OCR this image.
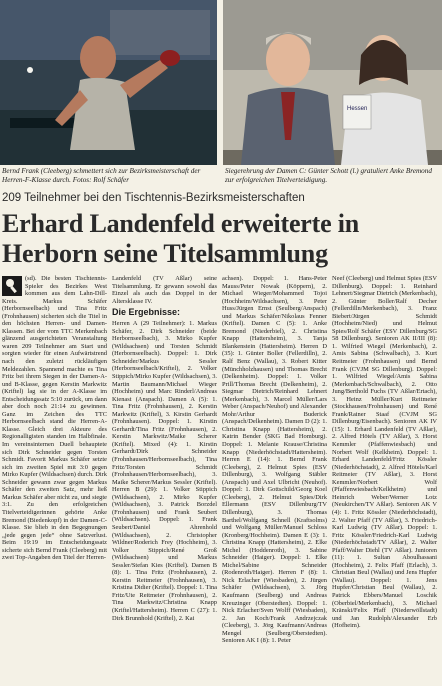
Hessen
Bernd Frank (Cleeberg) schmettert sich zur Bezirksmeisterschaft der Herren-F-Klasse durch. Fotos: Rolf Schäfer
Siegerehrung der Damen C: Günter Schott (l.) gratuliert Anke Bremond zur erfolgreichen Titelverteidigung.
209 Teilnehmer bei den Tischtennis-Bezirksmeisterschaften
Erhard Landenfeld erweiterte in Herborn seine Titelsammlung

(sd). Die besten Tischtennis-Spieler des Bezirkes West kommen aus dem Lahn-Dill-Kreis. Markus Schäfer (Herbornseelbach) und Tina Fritz (Frohnhausen) sicherten sich die Titel in den höchsten Herren- und Damen-Klassen. Bei der vom TTC Merkenbach glänzend ausgerichteten Veranstaltung waren 209 Teilnehmer am Start und sorgten wieder für einen Aufwärtstrend nach den zuletzt rückläufigen Meldezahlen. Spannend machte es Tina Fritz bei ihrem Siegen in der Damen-A- und B-Klasse, gegen Kerstin Markwitz (Kriftel) lag sie in der A-Klasse im Entscheidungssatz 5:10 zurück, um dann aber doch noch 21:14 zu gewinnen. Ganz im Zeichen des TTC Herbornseelbach stand die Herren-A-Klasse. Gleich drei Akteure des Regionalligisten standen im Halbfinale. Im vereinsinternen Duell behauptete sich Dirk Schneider gegen Torsten Schmidt. Favorit Markus Schäfer setzte sich im zweiten Spiel mit 3:0 gegen Mirko Kupfer (Wildsachsen) durch. Dirk Schneider gewann zwar gegen Markus Schäfer den zweiten Satz, mehr ließ Markus Schäfer aber nicht zu, und siegte 3:1. Zu den erfolgreichen Titelverteidigerinnen gehörte Anke Bremond (Biedenkopf) in der Damen-C-Klasse. Sie blieb in den Begegnungen „jede gegen jede“ ohne Satzverlust. Beim 19:19 im Entscheidungssatz sicherte sich Bernd Frank (Cleeberg) mit zwei Top-Angaben den Titel der Herren-

Landenfeld (TV Aßlar) seine Titelsammlung. Er gewann sowohl das Einzel als auch das Doppel in der Altersklasse IV.

Die Ergebnisse:

Herren A (29 Teilnehmer): 1. Markus Schäfer, 2. Dirk Schneider (beide Herbornseelbach), 3. Mirko Kupfer (Wildsachsen) und Torsten Schmidt (Herbornseelbach). Doppel: 1. Dirk Schneider/Markus Sessler (Herbornseelbach/Kriftel), 2. Volker Stippich/Mirko Kupfer (Wildsachsen), 3. Martin Baumann/Michael Wieger (Hochheim) und Marc Rinderl/Andreas Kienast (Anspach). Damen A (5): 1. Tina Fritz (Frohnhausen), 2. Kerstin Markwitz (Kriftel), 3. Kirstin Gerhardt (Frohnhausen). Doppel: 1. Kirstin Gerhardt/Tina Fritz (Frohnhausen), 2. Kerstin Markwitz/Maike Scherer (Kriftel). Mixed (4): 1. Kirstin Gerhardt/Dirk Schneider (Frohnhausen/Herbornseelbach), Tina Fritz/Torsten Schmidt (Frohnhausen/Herbornseelbach), 3. Maike Scherer/Markus Sessler (Kriftel). Herren B (29): 1. Volker Stippich (Wildsachsen), 2. Mirko Kupfer (Wildsachsen), 3. Patrick Borzdel (Frohnhausen) und Frank Seubert (Wildsachsen). Doppel: 1. Frank Seubert/Daniel Ahrenhold (Wildsachsen), 2. Christopher Wildner/Roderich Frey (Hochheim), 3. Volker Stippich/René Groß (Wildsachsen) und Markus Sessler/Stefan Kies (Kriftel). Damen B (8): 1. Tina Fritz (Frohnhausen), 2. Kerstin Reitmeier (Frohnhausen), 3. Kristina Didier (Kriftel). Doppel: 1. Tina Fritz/Ute Reitmeier (Frohnhausen), 2. Tina Markwitz/Christina Knapp (Kriftel/Hattersheim). Herren C (27): 1. Dirk Brunnhold (Kriftel), 2. Kai

achsen). Doppel: 1. Hans-Peter Mauss/Peter Nowak (Köppern), 2. Michael Wieger/Mohammed Tojoi (Hochheim/Wildsachsen), 3. Peter Huss/Jürgen Ernst (Seulberg/Anspach) und Markus Schäfer/Nikolaus Fenner (Kriftel). Damen C (5): 1. Anke Bremond (Niederbiel), 2. Christina Knapp (Hattersheim), 3. Tanja Blankenstein (Hattersheim). Herren D (35): 1. Günter Boller (Fellerdilln), 2. Ralf Benz (Wallau), 3. Robert Kitter (Münchholzhausen) und Thomas Brecht (Delkenheim). Doppel: 1. Volker Prill/Thomas Brecht (Delkenheim), 2. Siegmar Dietrich/Reinhard Lehnert (Merkenbach), 3. Marcel Müller/Lars Weber (Anspach/Neuhof) und Alexander Mohr/Arthur Buderick (Anspach/Delkenheim). Damen D (2): 1. Christina Knapp (Hattersheim), 2. Katrin Bender (SKG Bad Homburg). Doppel: 1. Melanie Krause/Christina Knapp (Niederhöchstadt/Hattersheim). Herren E (14): 1. Bernd Frank (Cleeberg), 2. Helmut Spies (ESV Dillenburg), 3. Wolfgang Stäbler (Anspach) und Axel Ulbricht (Neuhof). Doppel: 1. Dirk Gottschild/Georg Koel (Cleeberg), 2. Helmut Spies/Dirk Ellermann (ESV Dillenburg/TV Dillenburg), 3. Thomas Barthel/Wolfgang Schnell (Kraftsolms) und Wolfgang Müller/Manuel Schloss (Kronberg/Hochheim). Damen E (3): 1. Christina Knapp (Hattersheim), 2. Elke Michel (Hoddenroth), 3. Sabine Schneider (Haiger). Doppel: 1. Elke Michel/Sabine Schneider (Rodenroth/Haiger). Herren F (8): 1. Nick Erlacher (Wiesbaden), 2. Jürgen Schäfer (Wildsachsen), 3. Jörg Kaufmann (Seulberg) und Andreas Kreuzinger (Oberstedten). Doppel: 1. Nick Erlacher/Sven Wolff (Wiesbaden), 2. Jan Koch/Frank Andrzejczak (Cleeberg), 3. Jörg Kaufmann/Andreas Mengel (Seulberg/Oberstedten). Senioren AK I (8): 1. Peter

Neef (Cleeberg) und Helmut Spies (ESV Dillenburg). Doppel: 1. Reinhard Lehnert/Siegmar Dietrich (Merkenbach), 2. Günter Boller/Ralf Decher (Fellerdilln/Merkenbach), 3. Franz Biebert/Jürgen Schmidt (Hochheim/Nied) und Helmut Spies/Rolf Schäfer (ESV Dillenburg/SG 58 Dillenburg). Senioren AK II/III (8): 1. Wilfried Wiegel (Merkenbach), 2. Amis Sabina (Schwalbach), 3. Kurt Reitmeier (Frohnhausen) und Bernd Frank (CVJM SG Dillenburg). Doppel: 1. Wilfried Wiegel/Amis Sabina (Merkenbach/Schwalbach), 2. Otto Jung/Berthold Fuchs (TV Aßlar/Ertach), 3. Heinz Müller/Kurt Reitmeier (Stockhausen/Frohnhausen) und René Frank/Rainer Staaf (CVJM SG Dillenburg/Eisenbach). Senioren AK IV (15): 1. Erhard Landenfeld (TV Aßlar), 2. Alfred Hötels (TV Aßlar), 3. Horst Kemmler (Pfaffenwiesbach) und Norbert Wolf (Kelkheim). Doppel: 1. Erhard Landenfeld/Fritz Kössler (Niederhöchstadt), 2. Alfred Hötels/Karl Reitmeier (TV Aßlar), 3. Horst Kemmler/Norbert Wolf (Pfaffenwiesbach/Kelkheim) und Heinrich Weber/Werner Lotz (Neukirchen/TV Aßlar). Senioren AK V (4): 1. Fritz Kössler (Niederhöchstadt), 2. Walter Pfaff (TV Aßlar), 3. Friedrich-Karl Ludwig (TV Aßlar). Doppel: 1. Fritz Kössler/Friedrich-Karl Ludwig (Niederhöchstadt/TV Aßlar), 2. Walter Pfaff/Walter Diehl (TV Aßlar). Junioren (11): 1. Sultan Aboulhassani (Hochheim), 2. Felix Pfaff (Erlach), 3. Christian Beul (Wallau) und Jens Hupfer (Wallau). Doppel: 1. Jens Hupfer/Christian Beul (Wallau), 2. Patrick Ebbers/Manuel Loschik (Oberbiel/Merkenbach), 3. Michael Kränski/Felix Pfaff (Niederwöllstadt) und Jan Rudolph/Alexander Erb (Hofheim).
